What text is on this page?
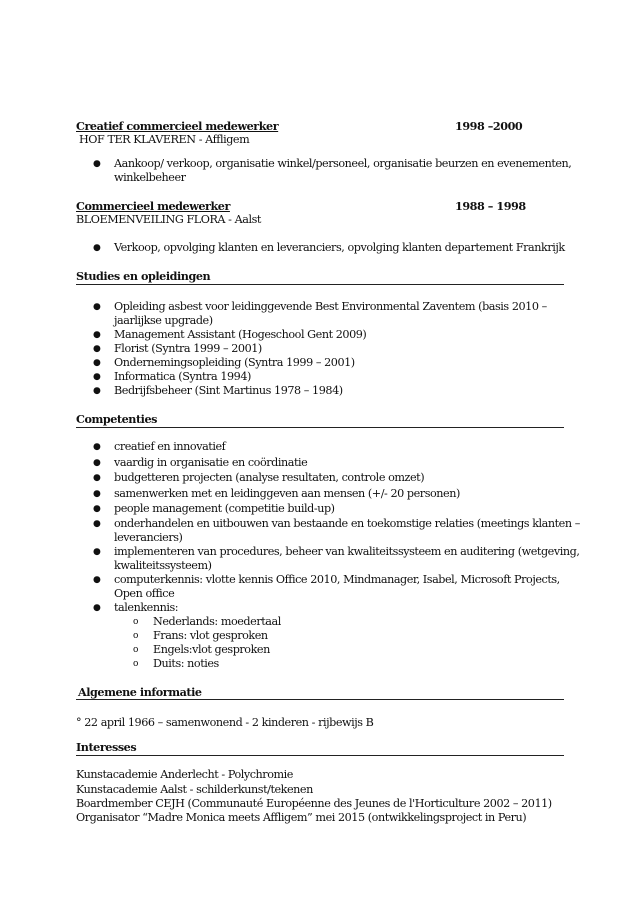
Creatief commercieel medewerker	1998 –2000
HOF TER KLAVEREN - Affligem
● Aankoop/ verkoop, organisatie winkel/personeel, organisatie beurzen en evenementen,
winkelbeheer
Commercieel medewerker	1988 – 1998
BLOEMENVEILING FLORA - Aalst
● Verkoop, opvolging klanten en leveranciers, opvolging klanten departement Frankrijk
Studies en opleidingen
● Opleiding asbest voor leidinggevende Best Environmental Zaventem (basis 2010 –
jaarlijkse upgrade)
● Management Assistant (Hogeschool Gent 2009)
● Florist (Syntra 1999 – 2001)
● Ondernemingsopleiding (Syntra 1999 – 2001)
● Informatica (Syntra 1994)
● Bedrijfsbeheer (Sint Martinus 1978 – 1984)
Competenties
● creatief en innovatief
● vaardig in organisatie en coördinatie
● budgetteren projecten (analyse resultaten, controle omzet)
● samenwerken met en leidinggeven aan mensen (+/- 20 personen)
● people management (competitie build-up)
● onderhandelen en uitbouwen van bestaande en toekomstige relaties (meetings klanten –
leveranciers)
● implementeren van procedures, beheer van kwaliteitssysteem en auditering (wetgeving,
kwaliteitssysteem)
● computerkennis: vlotte kennis Office 2010, Mindmanager, Isabel, Microsoft Projects,
Open office
● talenkennis:
o Nederlands: moedertaal
o Frans: vlot gesproken
o Engels:vlot gesproken
o Duits: noties
Algemene informatie
° 22 april 1966 – samenwonend - 2 kinderen - rijbewijs B
Interesses
Kunstacademie Anderlecht - Polychromie
Kunstacademie Aalst - schilderkunst/tekenen
Boardmember CEJH (Communauté Européenne des Jeunes de l'Horticulture 2002 – 2011)
Organisator “Madre Monica meets Affligem” mei 2015 (ontwikkelingsproject in Peru)
